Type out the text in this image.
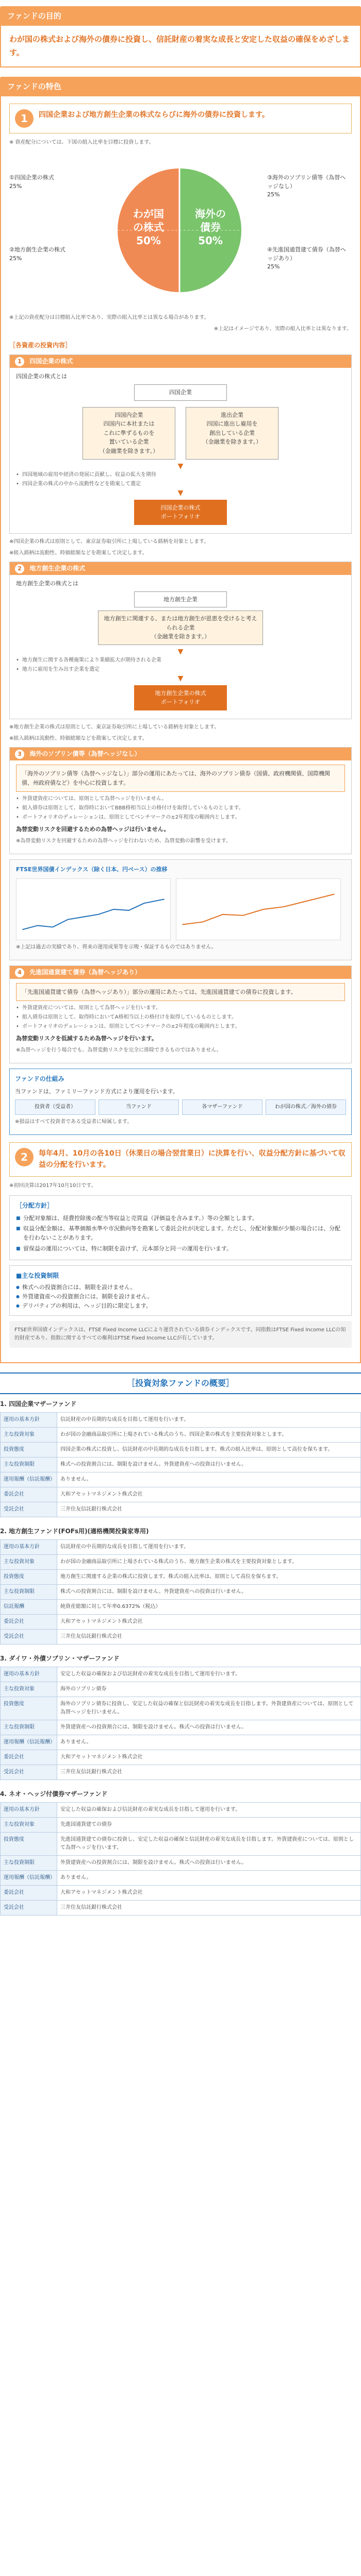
ファンドの目的
わが国の株式および海外の債券に投資し、信託財産の着実な成長と安定した収益の確保をめざします。
ファンドの特色
1	四国企業および地方創生企業の株式ならびに海外の債券に投資します。
※ 資産配分については、下図の組入比率を目標に投資します。
わが国
の株式
50%
海外の
債券
50%
①四国企業の株式
25%
②地方創生企業の株式
25%
③海外のソブリン債等（為替ヘッジなし）
25%
④先進国通貨建て債券（為替ヘッジあり）
25%
※上記の資産配分は目標組入比率であり、実際の組入比率とは異なる場合があります。
※上記はイメージであり、実際の組入比率とは異なります。
［各資産の投資内容］
1 四国企業の株式
四国企業の株式とは
四国企業
四国内企業
四国内に本社または
これに準ずるものを
置いている企業
（金融業を除きます。）
進出企業
四国に進出し雇用を
創出している企業
（金融業を除きます。）
▼
• 四国地域の雇用や経済の発展に貢献し、収益の拡大を期待
• 四国企業の株式の中から流動性などを勘案して選定
▼
四国企業の株式
ポートフォリオ
※四国企業の株式は原則として、東京証券取引所に上場している銘柄を対象とします。
※組入銘柄は流動性、時価総額などを勘案して決定します。
2 地方創生企業の株式
地方創生企業の株式とは
地方創生企業
地方創生に関連する、または地方創生が恩恵を受けると考えられる企業
（金融業を除きます。）
▼
• 地方創生に関する各種施策により業績拡大が期待される企業
• 地方に雇用を生み出す企業を選定
▼
地方創生企業の株式
ポートフォリオ
※地方創生企業の株式は原則として、東京証券取引所に上場している銘柄を対象とします。
※組入銘柄は流動性、時価総額などを勘案して決定します。
3 海外のソブリン債等（為替ヘッジなし）
「海外のソブリン債等（為替ヘッジなし）」部分の運用にあたっては、海外のソブリン債券（国債、政府機関債、国際機関債、州政府債など）を中心に投資します。
• 外貨建資産については、原則として為替ヘッジを行いません。
• 組入債券は原則として、取得時においてBBB格相当以上の格付けを取得しているものとします。
• ポートフォリオのデュレーションは、原則としてベンチマークの±2年程度の範囲内とします。
為替変動リスクを回避するための為替ヘッジは行いません。
※為替変動リスクを回避するための為替ヘッジを行わないため、為替変動の影響を受けます。
FTSE世界国債インデックス（除く日本、円ベース）の推移
※上記は過去の実績であり、将来の運用成果等を示唆・保証するものではありません。
4 先進国通貨建て債券（為替ヘッジあり）
「先進国通貨建て債券（為替ヘッジあり）」部分の運用にあたっては、先進国通貨建ての債券に投資します。
• 外貨建資産については、原則として為替ヘッジを行います。
• 組入債券は原則として、取得時においてA格相当以上の格付けを取得しているものとします。
• ポートフォリオのデュレーションは、原則としてベンチマークの±2年程度の範囲内とします。
為替変動リスクを低減するため為替ヘッジを行います。
※為替ヘッジを行う場合でも、為替変動リスクを完全に排除できるものではありません。
ファンドの仕組み
当ファンドは、ファミリーファンド方式により運用を行います。
投資者（受益者）	当ファンド	各マザーファンド	わが国の株式／海外の債券
※損益はすべて投資者である受益者に帰属します。
2	毎年4月、10月の各10日（休業日の場合翌営業日）に決算を行い、収益分配方針に基づいて収益の分配を行います。
※初回決算は2017年10月10日です。
［分配方針］
■ 分配対象額は、経費控除後の配当等収益と売買益（評価益を含みます。）等の全額とします。
■ 収益分配金額は、基準価額水準や市況動向等を勘案して委託会社が決定します。ただし、分配対象額が少額の場合には、分配を行わないことがあります。
■ 留保益の運用については、特に制限を設けず、元本部分と同一の運用を行います。
■主な投資制限
● 株式への投資割合には、制限を設けません。
● 外貨建資産への投資割合には、制限を設けません。
● デリバティブの利用は、ヘッジ目的に限定します。
FTSE世界国債インデックスは、FTSE Fixed Income LLCにより運営されている債券インデックスです。同指数はFTSE Fixed Income LLCの知的財産であり、指数に関するすべての権利はFTSE Fixed Income LLCが有しています。
［投資対象ファンドの概要］
1. 四国企業マザーファンド
運用の基本方針	信託財産の中長期的な成長を目指して運用を行います。
主な投資対象	わが国の金融商品取引所に上場されている株式のうち、四国企業の株式を主要投資対象とします。
投資態度	四国企業の株式に投資し、信託財産の中長期的な成長を目指します。株式の組入比率は、原則として高位を保ちます。
主な投資制限	株式への投資割合には、制限を設けません。外貨建資産への投資は行いません。
運用報酬（信託報酬）	ありません。
委託会社	大和アセットマネジメント株式会社
受託会社	三井住友信託銀行株式会社
2. 地方創生ファンド(FOFs用)(適格機関投資家専用)
運用の基本方針	信託財産の中長期的な成長を目指して運用を行います。
主な投資対象	わが国の金融商品取引所に上場されている株式のうち、地方創生企業の株式を主要投資対象とします。
投資態度	地方創生に関連する企業の株式に投資します。株式の組入比率は、原則として高位を保ちます。
主な投資制限	株式への投資割合には、制限を設けません。外貨建資産への投資は行いません。
信託報酬	純資産総額に対して年率0.6372%（税込）
委託会社	大和アセットマネジメント株式会社
受託会社	三井住友信託銀行株式会社
3. ダイワ・外債ソブリン・マザーファンド
運用の基本方針	安定した収益の確保および信託財産の着実な成長を目指して運用を行います。
主な投資対象	海外のソブリン債券
投資態度	海外のソブリン債券に投資し、安定した収益の確保と信託財産の着実な成長を目指します。外貨建資産については、原則として為替ヘッジを行いません。
主な投資制限	外貨建資産への投資割合には、制限を設けません。株式への投資は行いません。
運用報酬（信託報酬）	ありません。
委託会社	大和アセットマネジメント株式会社
受託会社	三井住友信託銀行株式会社
4. ネオ・ヘッジ付債券マザーファンド
運用の基本方針	安定した収益の確保および信託財産の着実な成長を目指して運用を行います。
主な投資対象	先進国通貨建ての債券
投資態度	先進国通貨建ての債券に投資し、安定した収益の確保と信託財産の着実な成長を目指します。外貨建資産については、原則として為替ヘッジを行います。
主な投資制限	外貨建資産への投資割合には、制限を設けません。株式への投資は行いません。
運用報酬（信託報酬）	ありません。
委託会社	大和アセットマネジメント株式会社
受託会社	三井住友信託銀行株式会社
